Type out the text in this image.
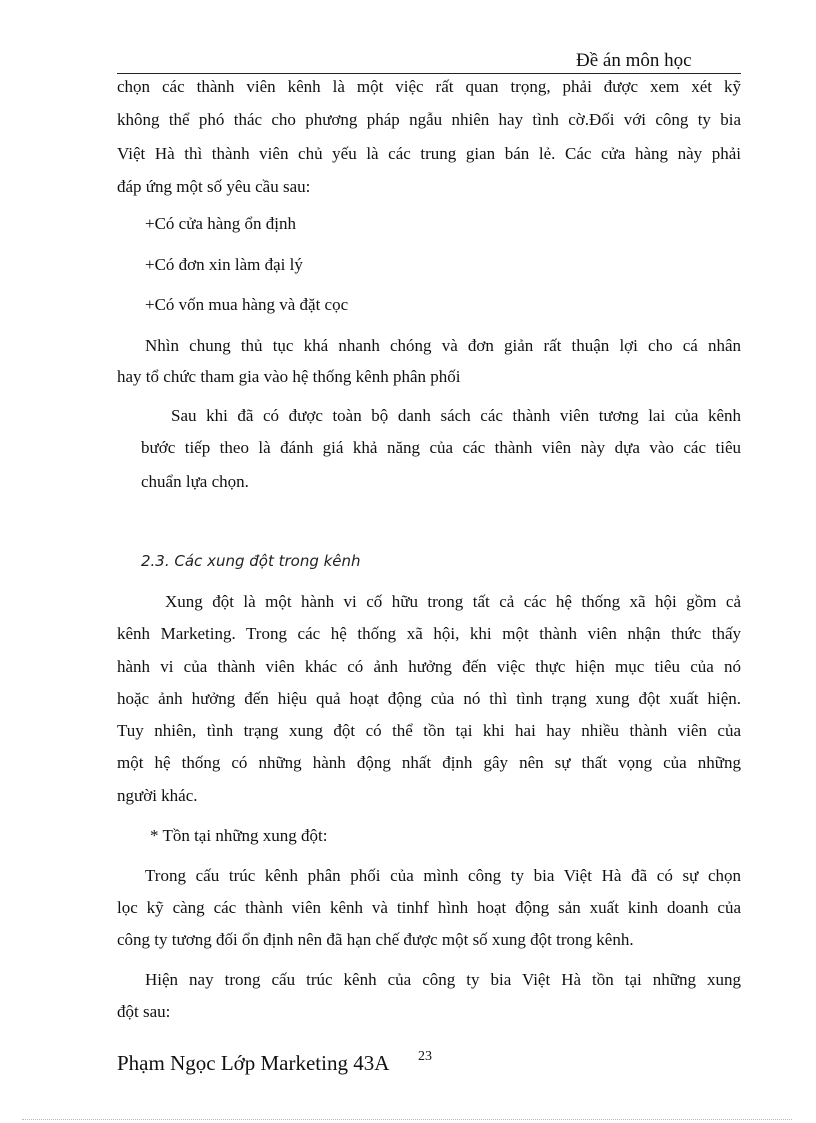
Đề án môn học
chọn các thành viên kênh là một việc rất quan trọng, phải được xem xét kỹ
không thể phó thác cho phương pháp ngẫu nhiên hay tình cờ.Đối với công ty bia
Việt Hà thì thành viên chủ yếu là các trung gian bán lẻ. Các cửa hàng này phải
đáp ứng một số yêu cầu sau:
+Có cửa hàng ổn định
+Có đơn xin làm đại lý
+Có vốn mua hàng và đặt cọc
Nhìn chung thủ tục khá nhanh chóng và đơn giản rất thuận lợi cho cá nhân
hay tổ chức tham gia vào hệ thống kênh phân phối
Sau khi đã có được toàn bộ danh sách các thành viên tương lai của kênh
bước tiếp theo là đánh giá khả năng của các thành viên này dựa vào các tiêu
chuẩn lựa chọn.
2.3. Các xung đột trong kênh
Xung đột là một hành vi cố hữu trong tất cả các hệ thống xã hội gồm cả
kênh Marketing. Trong các hệ thống xã hội, khi một thành viên nhận thức thấy
hành vi của thành viên khác có ảnh hưởng đến việc thực hiện mục tiêu của nó
hoặc ảnh hưởng đến hiệu quả hoạt động của nó thì tình trạng xung đột xuất hiện.
Tuy nhiên, tình trạng xung đột có thể tồn tại khi hai hay nhiều thành viên của
một hệ thống có những hành động nhất định gây nên sự thất vọng của những
người khác.
* Tồn tại những xung đột:
Trong cấu trúc kênh phân phối của mình công ty bia Việt Hà đã có sự chọn
lọc kỹ càng các thành viên kênh và tinhf hình hoạt động sản xuất kinh doanh của
công ty tương đối ổn định nên đã hạn chế được một số xung đột trong kênh.
Hiện nay trong cấu trúc kênh của công ty bia Việt Hà tồn tại những xung
đột sau:
Phạm Ngọc Lớp Marketing 43A 23
